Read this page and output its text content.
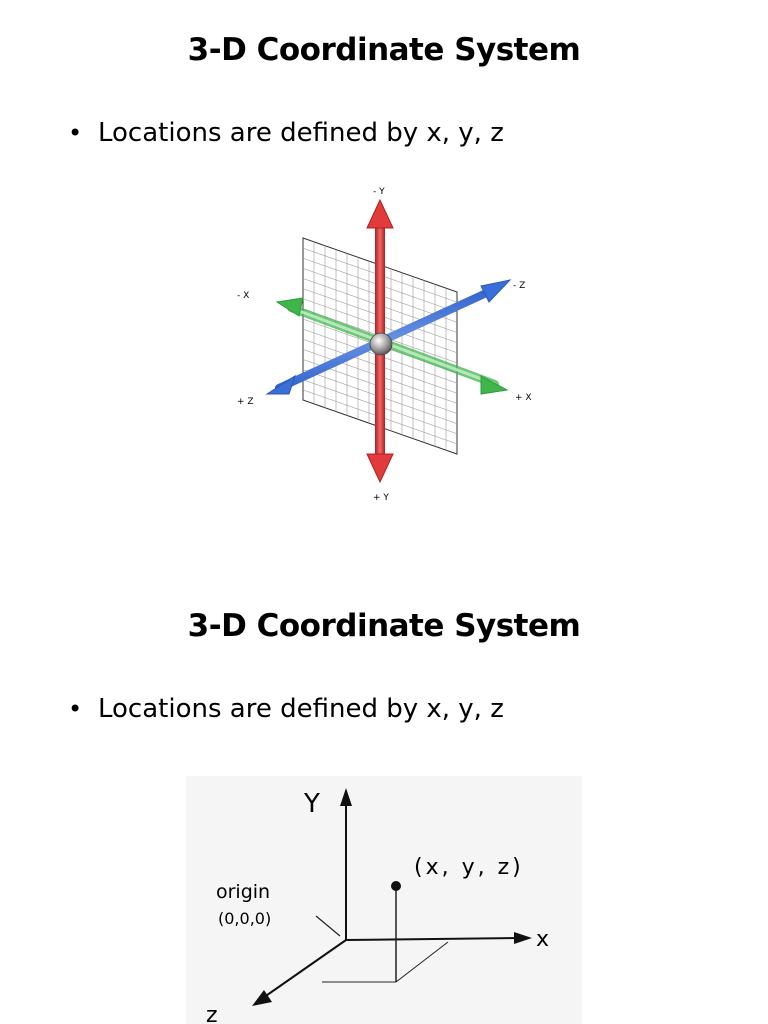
3-D Coordinate System
• Locations are defined by x, y, z
- Y
+ Y
- X
+ X
- Z
+ Z
3-D Coordinate System
• Locations are defined by x, y, z
Y
x
z
origin
(0,0,0)
(x, y, z)
